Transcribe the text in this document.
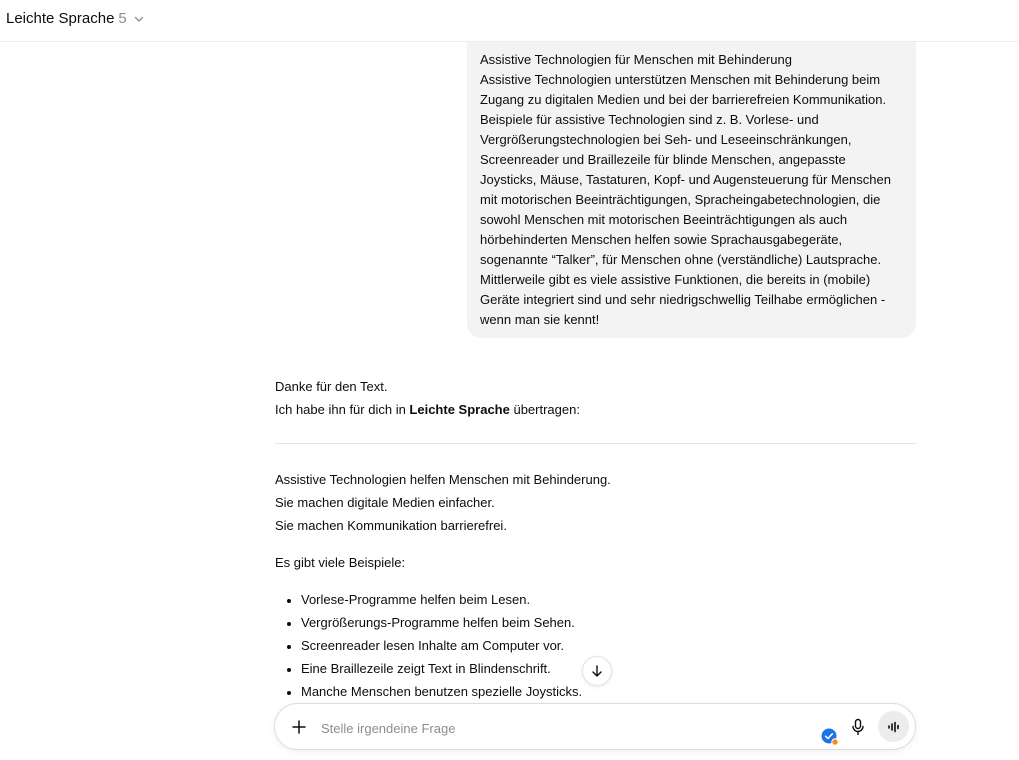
Leichte Sprache 5

Assistive Technologien für Menschen mit Behinderung

Assistive Technologien unterstützen Menschen mit Behinderung beim

Zugang zu digitalen Medien und bei der barrierefreien Kommunikation.

Beispiele für assistive Technologien sind z. B. Vorlese- und

Vergrößerungstechnologien bei Seh- und Leseeinschränkungen,

Screenreader und Braillezeile für blinde Menschen, angepasste

Joysticks, Mäuse, Tastaturen, Kopf- und Augensteuerung für Menschen

mit motorischen Beeinträchtigungen, Spracheingabetechnologien, die

sowohl Menschen mit motorischen Beeinträchtigungen als auch

hörbehinderten Menschen helfen sowie Sprachausgabegeräte,

sogenannte “Talker”, für Menschen ohne (verständliche) Lautsprache.

Mittlerweile gibt es viele assistive Funktionen, die bereits in (mobile)

Geräte integriert sind und sehr niedrigschwellig Teilhabe ermöglichen -

wenn man sie kennt!

Danke für den Text.

Ich habe ihn für dich in Leichte Sprache übertragen:

Assistive Technologien helfen Menschen mit Behinderung.

Sie machen digitale Medien einfacher.

Sie machen Kommunikation barrierefrei.

Es gibt viele Beispiele:

• Vorlese-Programme helfen beim Lesen.
• Vergrößerungs-Programme helfen beim Sehen.
• Screenreader lesen Inhalte am Computer vor.
• Eine Braillezeile zeigt Text in Blindenschrift.
• Manche Menschen benutzen spezielle Joysticks.
Stelle irgendeine Frage
